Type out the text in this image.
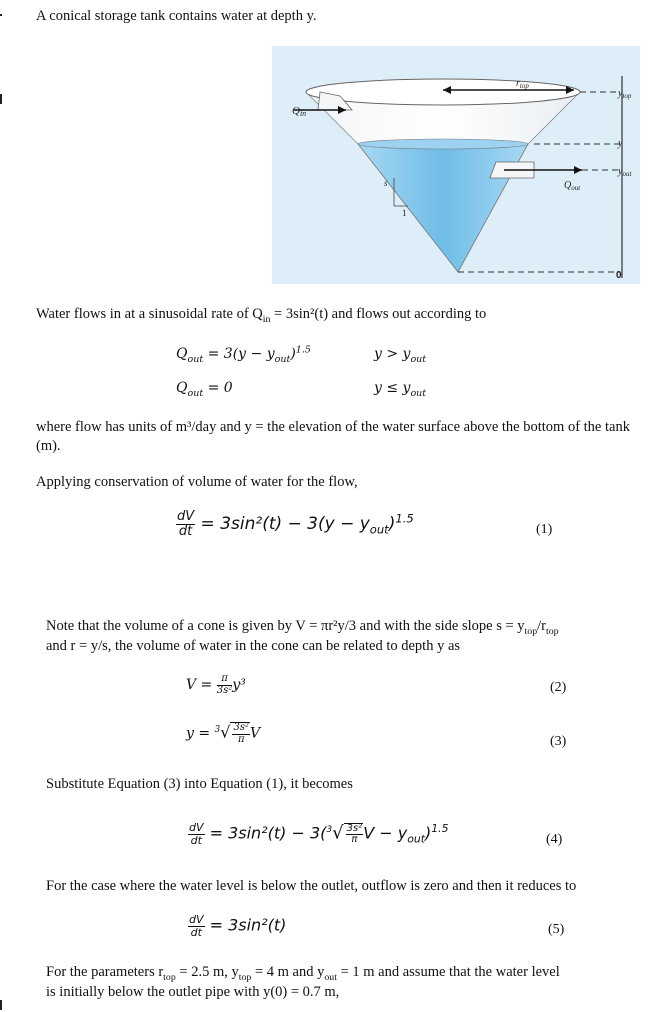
A conical storage tank contains water at depth y.
Qin
$r_{top}$
$y_{top}$
y
$y_{out}$
$Q_{out}$
s
1
0
Water flows in at a sinusoidal rate of $Q_{in} = 3\sin^2(t)$ and flows out according to
$Q_{out} = 3(y - y_{out})^{1.5}$	$y > y_{out}$
$Q_{out} = 0$	$y \le y_{out}$
where flow has units of m³/day and y = the elevation of the water surface above the bottom of the tank (m).
Applying conservation of volume of water for the flow,
$\frac{dV}{dt} = 3\sin^2(t) - 3(y - y_{out})^{1.5}$
(1)
Note that the volume of a cone is given by V = πr²y/3 and with the side slope $s = y_{top}/r_{top}$
and r = y/s, the volume of water in the cone can be related to depth y as
$V = \frac{\pi}{\text{3s²}} y^3$	(2)
$y = ^3√ \frac{\text{3s²}}{\pi}$ V	(3)
Substitute Equation (3) into Equation (1), it becomes
$\frac{dV}{dt} = 3\sin^2(t) - 3(^3√ \frac{\text{3s²}}{\pi}$ $V - y_{out})^{1.5}$
(4)
For the case where the water level is below the outlet, outflow is zero and then it reduces to
$\frac{dV}{dt} = 3\sin^2(t)$	(5)
For the parameters $r_{top} = 2.5$ m, $y_{top} = 4$ m and $y_{out} = 1$ m and assume that the water level
is initially below the outlet pipe with y(0) = 0.7 m,
